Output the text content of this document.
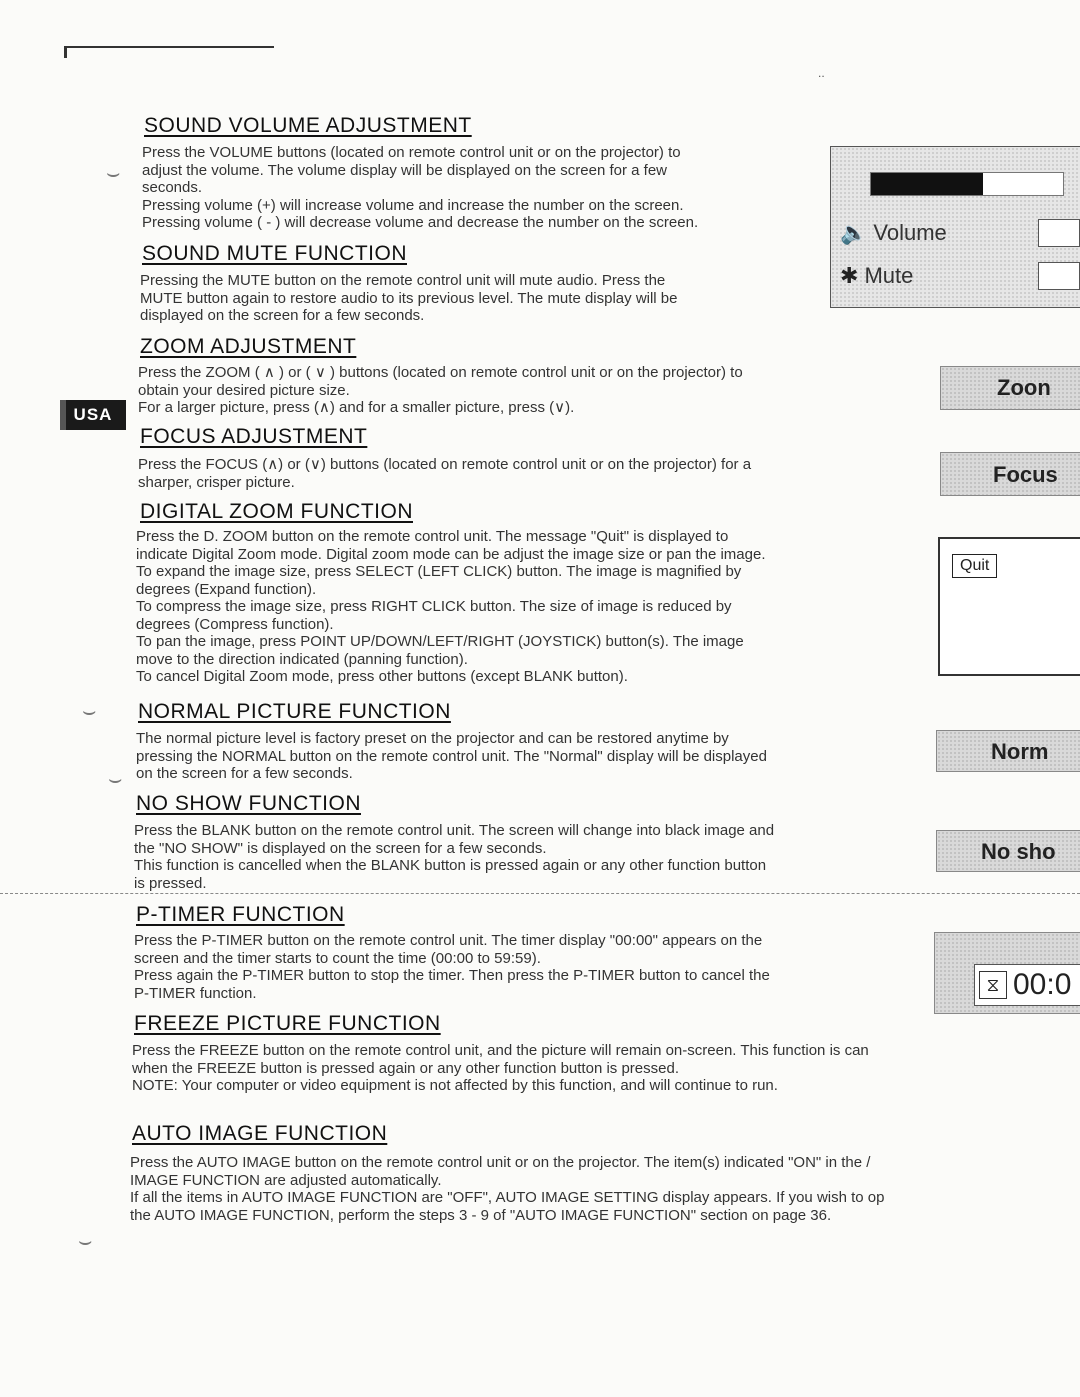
..
USA
⌣
⌣
⌣
⌣
SOUND VOLUME ADJUSTMENT
Press the VOLUME buttons (located on remote control unit or on the projector) to
adjust the volume. The volume display will be displayed on the screen for a few
seconds.
Pressing volume (+) will increase volume and increase the number on the screen.
Pressing volume ( - ) will decrease volume and decrease the number on the screen.
SOUND MUTE FUNCTION
Pressing the MUTE button on the remote control unit will mute audio. Press the
MUTE button again to restore audio to its previous level. The mute display will be
displayed on the screen for a few seconds.
🔈 Volume
✱ Mute
ZOOM ADJUSTMENT
Press the ZOOM ( ∧ ) or ( ∨ ) buttons (located on remote control unit or on the projector) to
obtain your desired picture size.
For a larger picture, press (∧) and for a smaller picture, press (∨).
Zoon
FOCUS ADJUSTMENT
Press the FOCUS (∧) or (∨) buttons (located on remote control unit or on the projector) for a
sharper, crisper picture.	Focus
DIGITAL ZOOM FUNCTION
Press the D. ZOOM button on the remote control unit. The message "Quit" is displayed to
indicate Digital Zoom mode. Digital zoom mode can be adjust the image size or pan the image.
To expand the image size, press SELECT (LEFT CLICK) button. The image is magnified by
degrees (Expand function).
To compress the image size, press RIGHT CLICK button. The size of image is reduced by
degrees (Compress function).
To pan the image, press POINT UP/DOWN/LEFT/RIGHT (JOYSTICK) button(s). The image
move to the direction indicated (panning function).
To cancel Digital Zoom mode, press other buttons (except BLANK button).
Quit
NORMAL PICTURE FUNCTION
The normal picture level is factory preset on the projector and can be restored anytime by
pressing the NORMAL button on the remote control unit. The "Normal" display will be displayed
on the screen for a few seconds.
Norm
NO SHOW FUNCTION
Press the BLANK button on the remote control unit. The screen will change into black image and
the "NO SHOW" is displayed on the screen for a few seconds.
This function is cancelled when the BLANK button is pressed again or any other function button
is pressed.
No sho
P-TIMER FUNCTION
Press the P-TIMER button on the remote control unit. The timer display "00:00" appears on the
screen and the timer starts to count the time (00:00 to 59:59).
Press again the P-TIMER button to stop the timer. Then press the P-TIMER button to cancel the
P-TIMER function.	⧖ 00:0
FREEZE PICTURE FUNCTION
Press the FREEZE button on the remote control unit, and the picture will remain on-screen. This function is can
when the FREEZE button is pressed again or any other function button is pressed.
NOTE: Your computer or video equipment is not affected by this function, and will continue to run.
AUTO IMAGE FUNCTION
Press the AUTO IMAGE button on the remote control unit or on the projector. The item(s) indicated "ON" in the /
IMAGE FUNCTION are adjusted automatically.
If all the items in AUTO IMAGE FUNCTION are "OFF", AUTO IMAGE SETTING display appears. If you wish to op
the AUTO IMAGE FUNCTION, perform the steps 3 - 9 of "AUTO IMAGE FUNCTION" section on page 36.
